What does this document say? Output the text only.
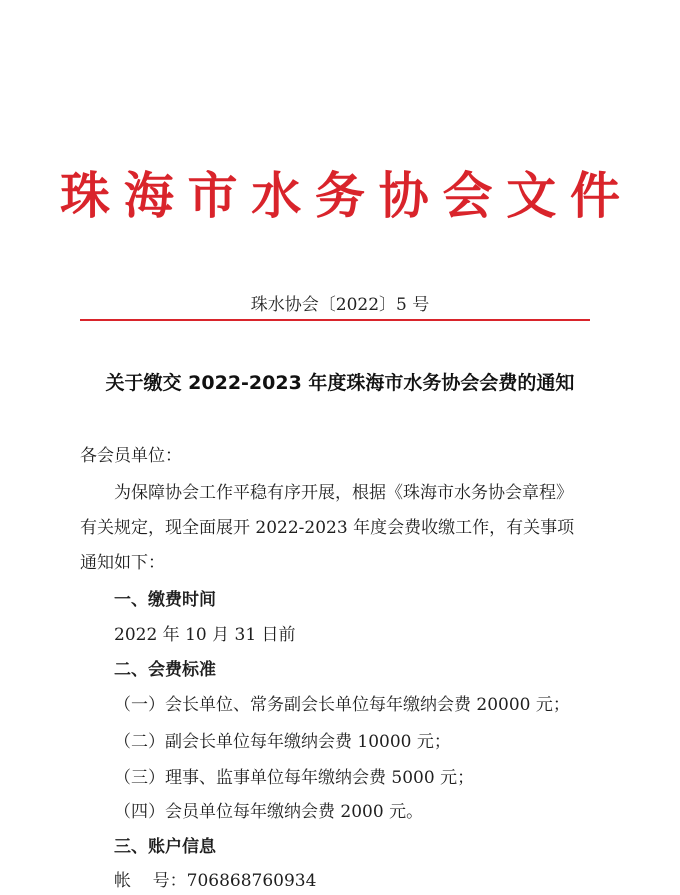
珠 海 市 水 务 协 会 文 件
珠水协会〔2022〕5 号
关于缴交 2022-2023 年度珠海市水务协会会费的通知
各会员单位：
为保障协会工作平稳有序开展，根据《珠海市水务协会章程》
有关规定，现全面展开 2022-2023 年度会费收缴工作，有关事项
通知如下：
一、缴费时间
2022 年 10 月 31 日前
二、会费标准
（一）会长单位、常务副会长单位每年缴纳会费 20000 元；
（二）副会长单位每年缴纳会费 10000 元；
（三）理事、监事单位每年缴纳会费 5000 元；
（四）会员单位每年缴纳会费 2000 元。
三、账户信息
帐    号：706868760934
